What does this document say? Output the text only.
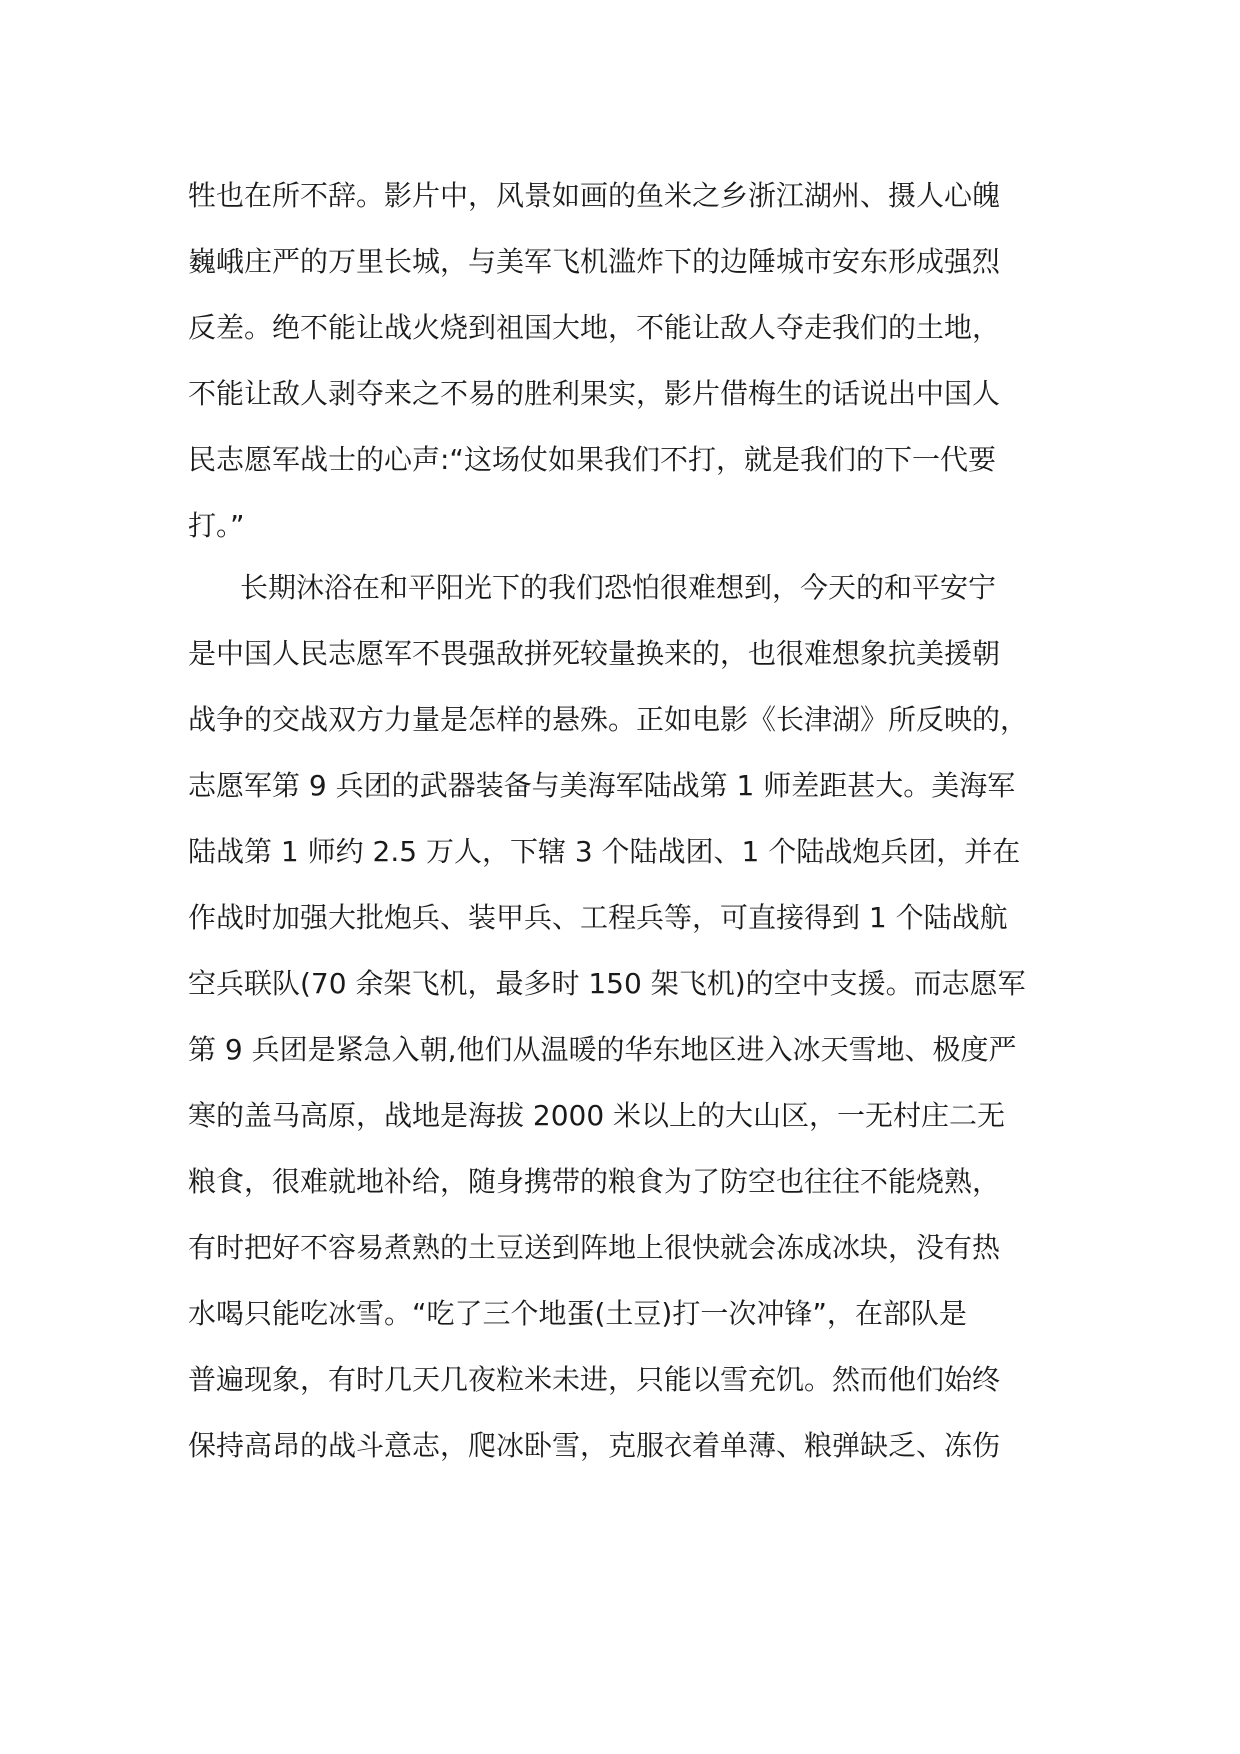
牲也在所不辞。影片中，风景如画的鱼米之乡浙江湖州、摄人心魄
巍峨庄严的万里长城，与美军飞机滥炸下的边陲城市安东形成强烈
反差。绝不能让战火烧到祖国大地，不能让敌人夺走我们的土地，
不能让敌人剥夺来之不易的胜利果实，影片借梅生的话说出中国人
民志愿军战士的心声:“这场仗如果我们不打，就是我们的下一代要
打。”
长期沐浴在和平阳光下的我们恐怕很难想到，今天的和平安宁
是中国人民志愿军不畏强敌拼死较量换来的，也很难想象抗美援朝
战争的交战双方力量是怎样的悬殊。正如电影《长津湖》所反映的，
志愿军第 9 兵团的武器装备与美海军陆战第 1 师差距甚大。美海军
陆战第 1 师约 2.5 万人，下辖 3 个陆战团、1 个陆战炮兵团，并在
作战时加强大批炮兵、装甲兵、工程兵等，可直接得到 1 个陆战航
空兵联队(70 余架飞机，最多时 150 架飞机)的空中支援。而志愿军
第 9 兵团是紧急入朝,他们从温暖的华东地区进入冰天雪地、极度严
寒的盖马高原，战地是海拔 2000 米以上的大山区，一无村庄二无
粮食，很难就地补给，随身携带的粮食为了防空也往往不能烧熟，
有时把好不容易煮熟的土豆送到阵地上很快就会冻成冰块，没有热
水喝只能吃冰雪。“吃了三个地蛋(土豆)打一次冲锋”，在部队是
普遍现象，有时几天几夜粒米未进，只能以雪充饥。然而他们始终
保持高昂的战斗意志，爬冰卧雪，克服衣着单薄、粮弹缺乏、冻伤
